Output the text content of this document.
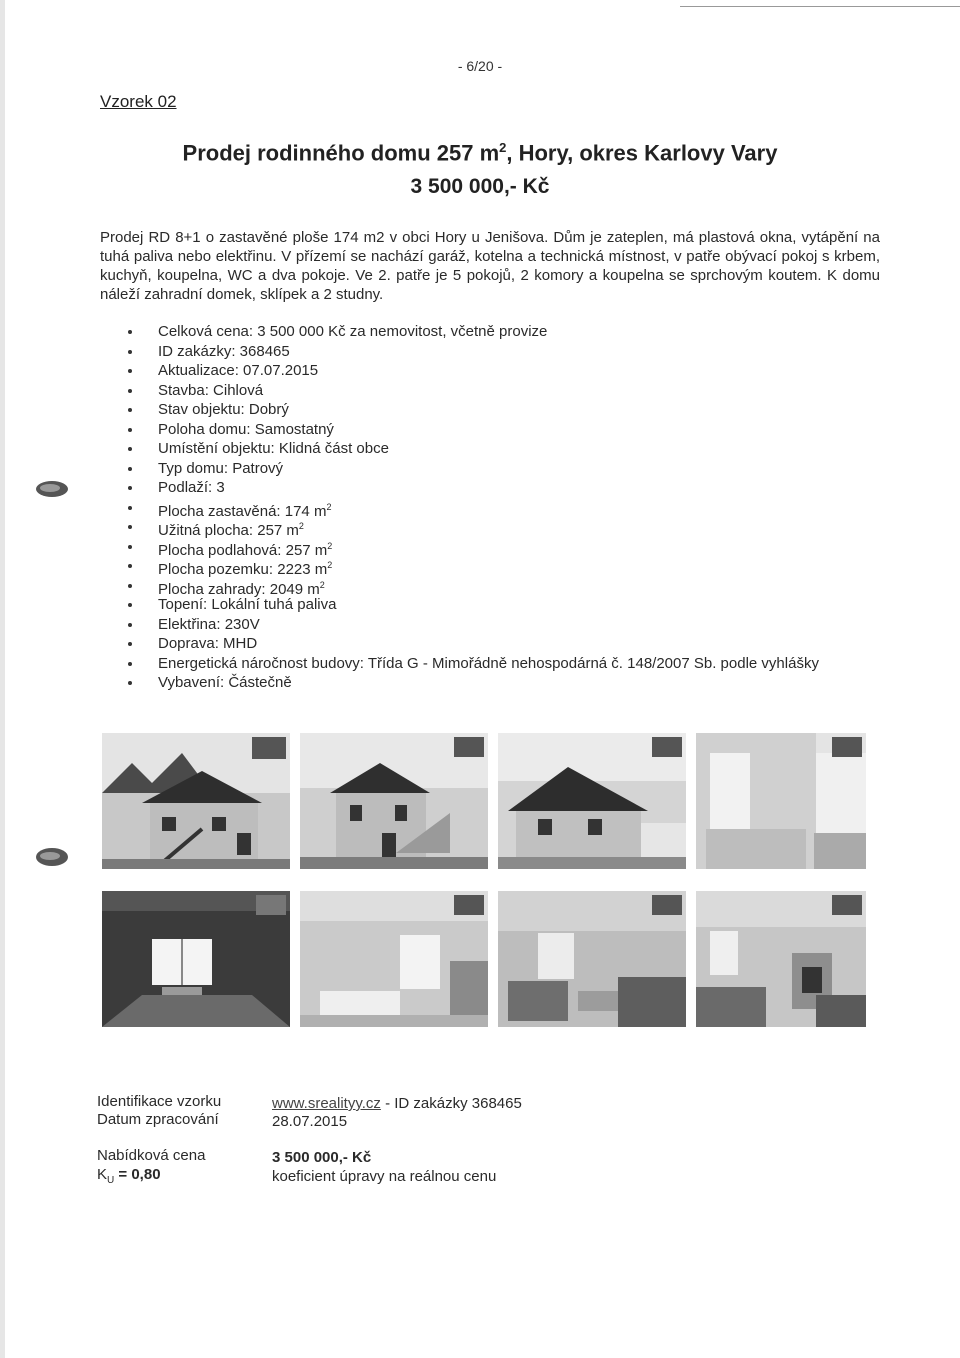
- 6/20 -
Vzorek 02
Prodej rodinného domu 257 $m^2$, Hory, okres Karlovy Vary
3 500 000,- Kč
Prodej RD 8+1 o zastavěné ploše 174 m2 v obci Hory u Jenišova. Dům je zateplen, má plastová okna, vytápění na tuhá paliva nebo elektřinu. V přízemí se nachází garáž, kotelna a technická místnost, v patře obývací pokoj s krbem, kuchyň, koupelna, WC a dva pokoje. Ve 2. patře je 5 pokojů, 2 komory a koupelna se sprchovým koutem. K domu náleží zahradní domek, sklípek a 2 studny.
Celková cena: 3 500 000 Kč za nemovitost, včetně provize
ID zakázky: 368465
Aktualizace: 07.07.2015
Stavba: Cihlová
Stav objektu: Dobrý
Poloha domu: Samostatný
Umístění objektu: Klidná část obce
Typ domu: Patrový
Podlaží: 3
Plocha zastavěná: 174 $m^2$
Užitná plocha: 257 $m^2$
Plocha podlahová: 257 $m^2$
Plocha pozemku: 2223 $m^2$
Plocha zahrady: 2049 $m^2$
Topení: Lokální tuhá paliva
Elektřina: 230V
Doprava: MHD
Energetická náročnost budovy: Třída G - Mimořádně nehospodárná č. 148/2007 Sb. podle vyhlášky
Vybavení: Částečně
Identifikace vzorku	www.srealityy.cz - ID zakázky 368465
Datum zpracování	28.07.2015
Nabídková cena	3 500 000,- Kč
$K_U = 0,80$	koeficient úpravy na reálnou cenu
